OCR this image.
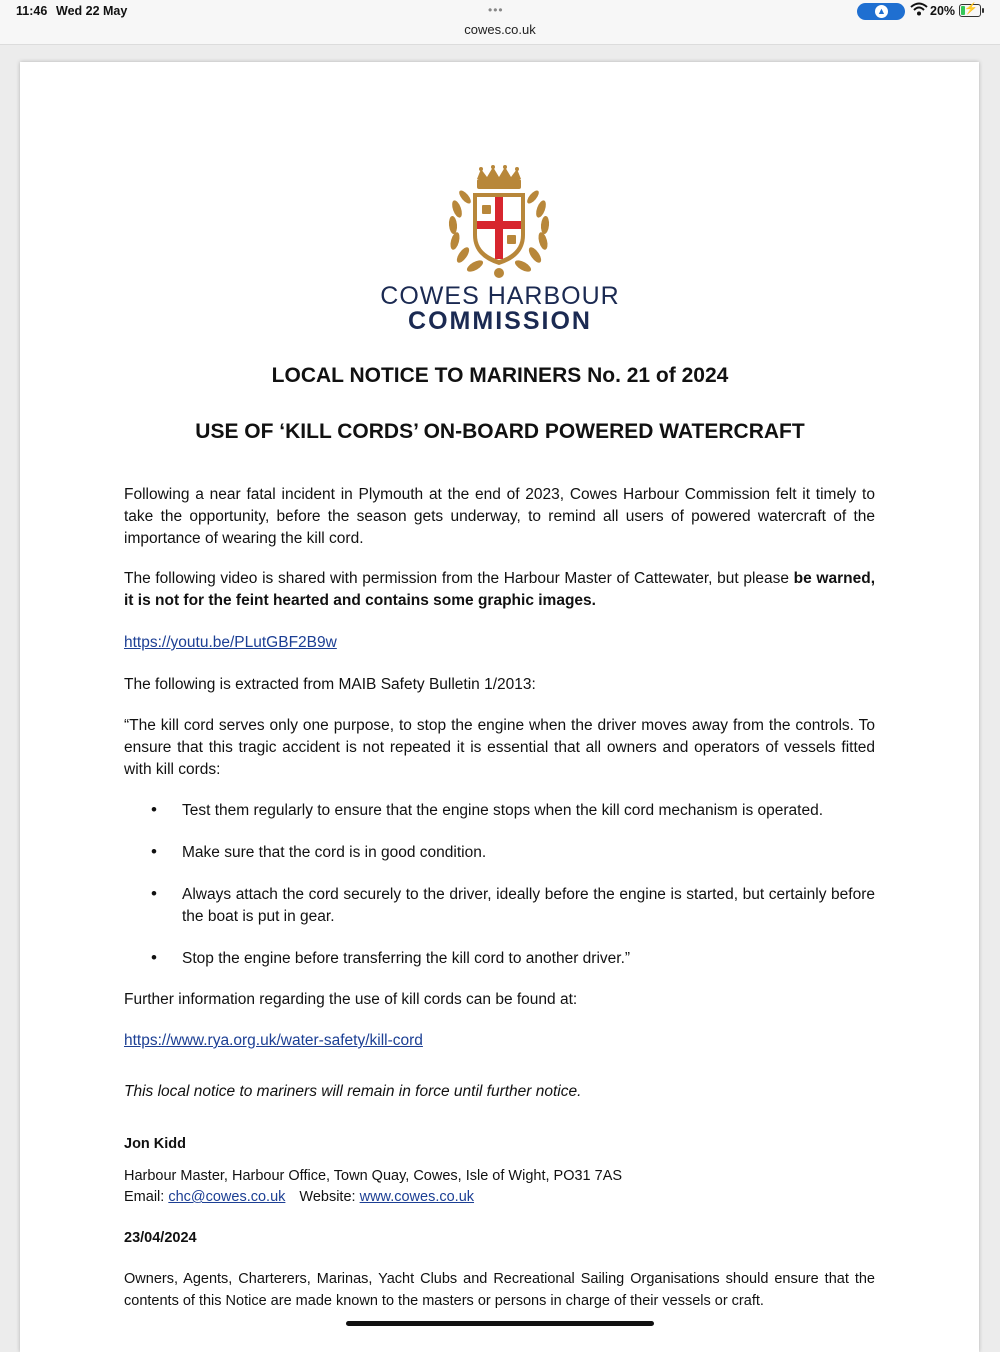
11:46 Wed 22 May	•••
cowes.co.uk
▲	20% ⚡
COWES HARBOUR
COMMISSION
LOCAL NOTICE TO MARINERS No. 21 of 2024
USE OF ‘KILL CORDS’ ON-BOARD POWERED WATERCRAFT
Following a near fatal incident in Plymouth at the end of 2023, Cowes Harbour Commission felt it timely to take the opportunity, before the season gets underway, to remind all users of powered watercraft of the importance of wearing the kill cord.
The following video is shared with permission from the Harbour Master of Cattewater, but please be warned, it is not for the feint hearted and contains some graphic images.
https://youtu.be/PLutGBF2B9w
The following is extracted from MAIB Safety Bulletin 1/2013:
“The kill cord serves only one purpose, to stop the engine when the driver moves away from the controls. To ensure that this tragic accident is not repeated it is essential that all owners and operators of vessels fitted with kill cords:
• Test them regularly to ensure that the engine stops when the kill cord mechanism is operated.
• Make sure that the cord is in good condition.
• Always attach the cord securely to the driver, ideally before the engine is started, but certainly before the boat is put in gear.
• Stop the engine before transferring the kill cord to another driver.”
Further information regarding the use of kill cords can be found at:
https://www.rya.org.uk/water-safety/kill-cord
This local notice to mariners will remain in force until further notice.
Jon Kidd
Harbour Master, Harbour Office, Town Quay, Cowes, Isle of Wight, PO31 7AS
Email: chc@cowes.co.uk Website: www.cowes.co.uk
23/04/2024
Owners, Agents, Charterers, Marinas, Yacht Clubs and Recreational Sailing Organisations should ensure that the contents of this Notice are made known to the masters or persons in charge of their vessels or craft.
